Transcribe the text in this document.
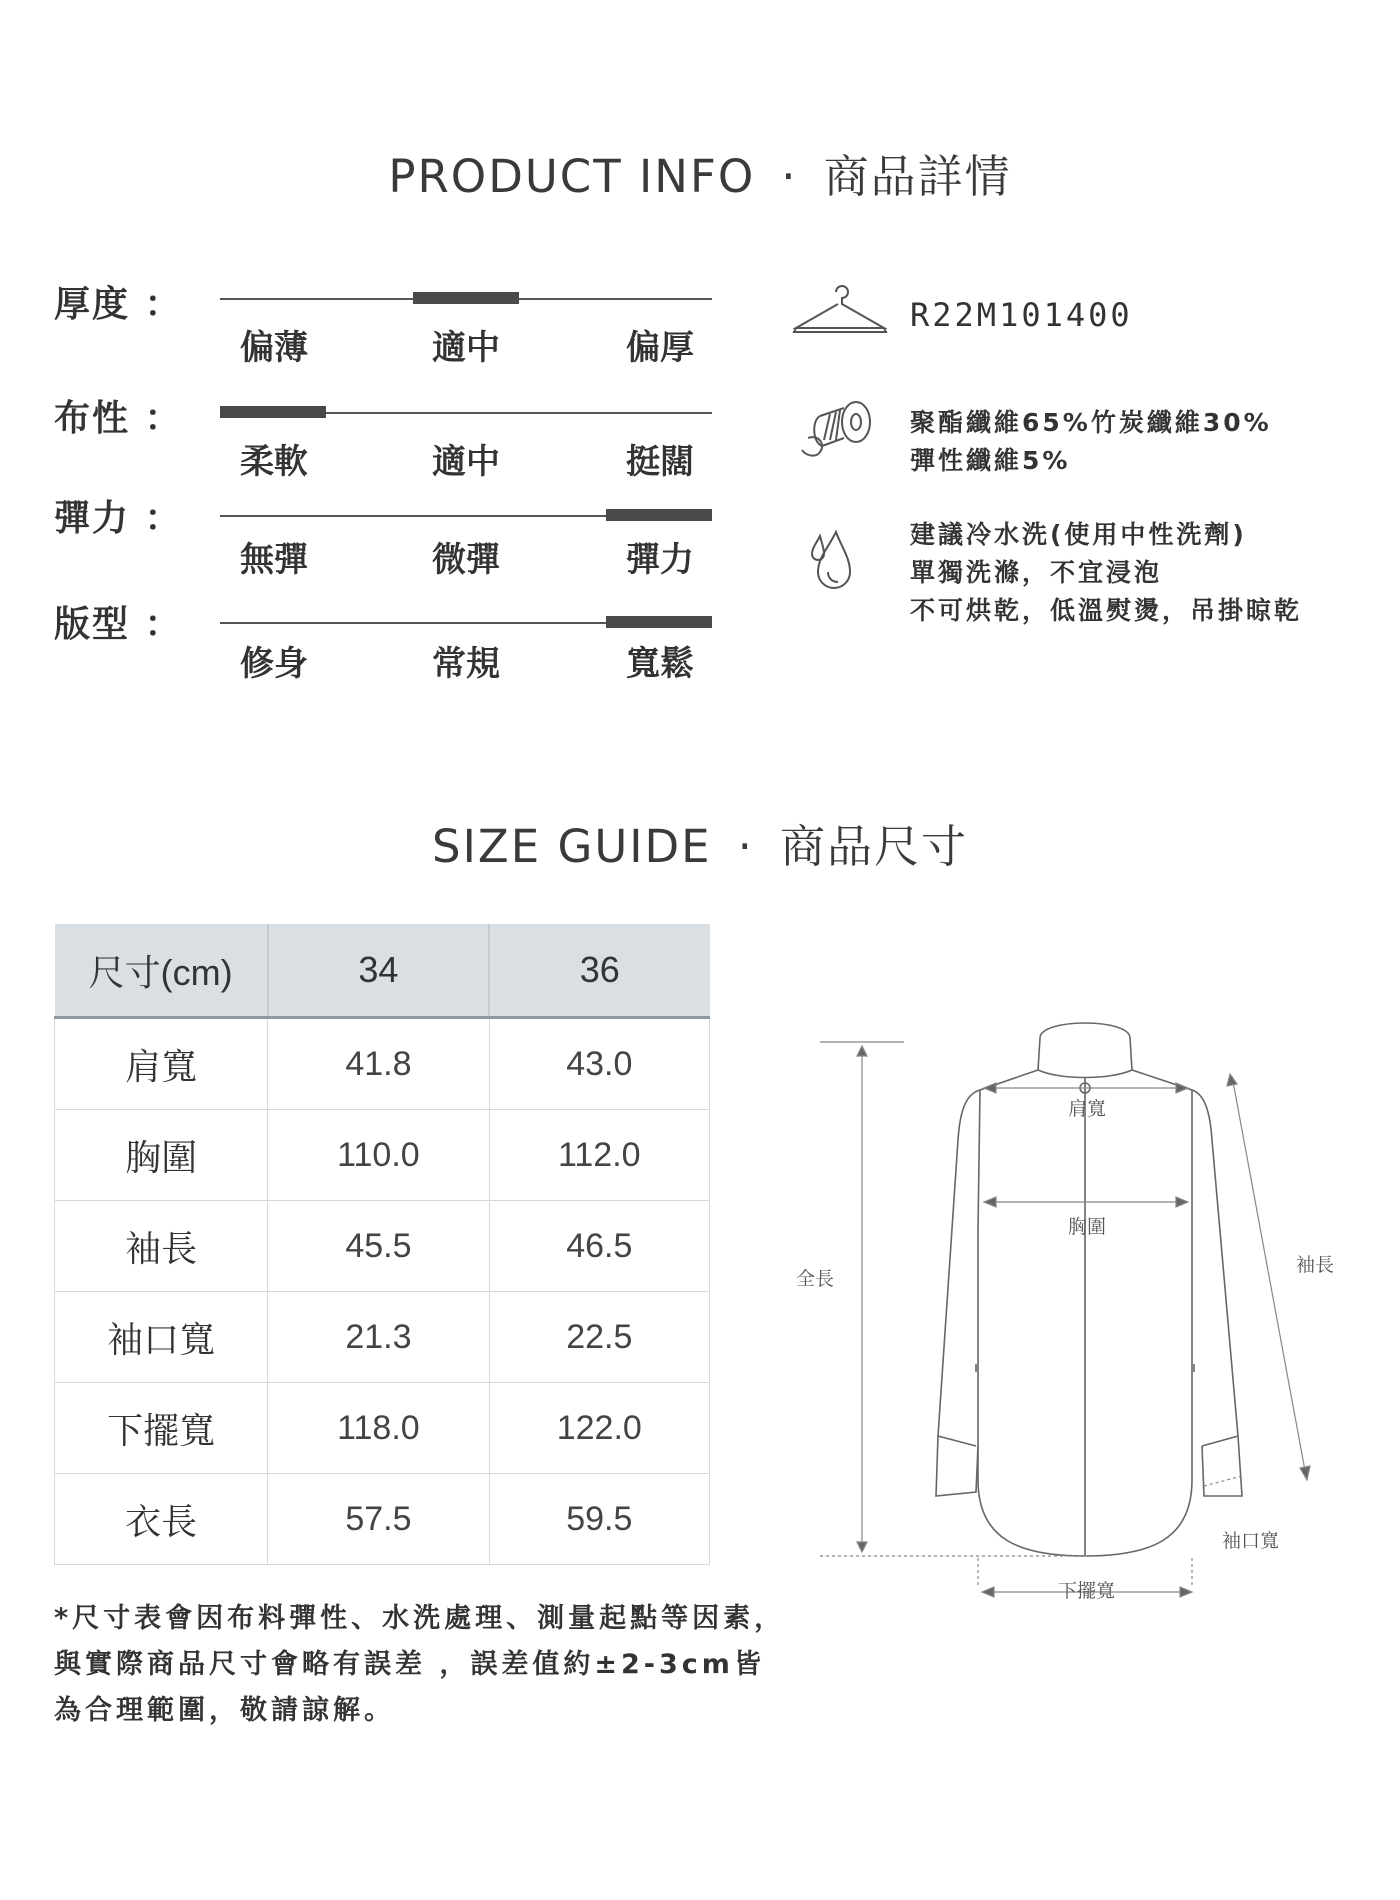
PRODUCT INFO · 商品詳情
厚度 ：
偏薄	適中	偏厚
布性 ：
柔軟	適中	挺闊
彈力 ：
無彈	微彈	彈力
版型 ：
修身	常規	寬鬆
R22M101400
聚酯纖維65%竹炭纖維30%
彈性纖維5%
建議冷水洗(使用中性洗劑)
單獨洗滌，不宜浸泡
不可烘乾，低溫熨燙，吊掛晾乾
SIZE GUIDE · 商品尺寸
尺寸(cm)	34	36
肩寬	41.8	43.0
胸圍	110.0	112.0
袖長	45.5	46.5
袖口寬	21.3	22.5
下擺寬	118.0	122.0
衣長	57.5	59.5
肩寬
胸圍
全長
袖長
袖口寬
下擺寬
*尺寸表會因布料彈性、水洗處理、測量起點等因素，
與實際商品尺寸會略有誤差 ，誤差值約±2-3cm皆
為合理範圍，敬請諒解。
